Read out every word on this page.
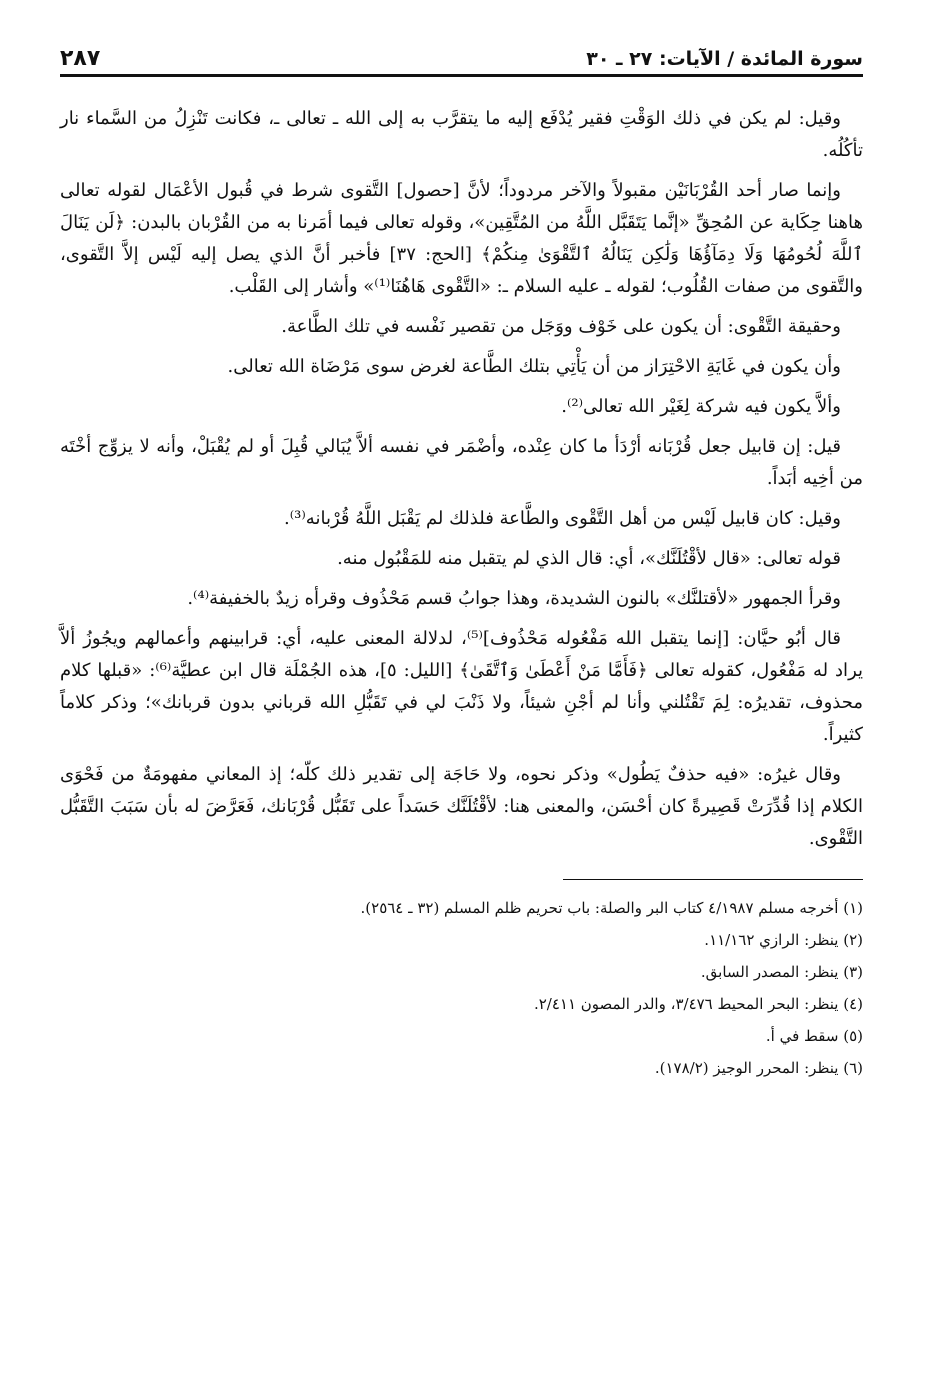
سورة المائدة / الآيات: ٢٧ ـ ٣٠
٢٨٧

وقيل: لم يكن في ذلك الوَقْتِ فقير يُدْفَع إليه ما يتقرَّب به إلى الله ـ تعالى ـ، فكانت تَنْزِلُ من السَّماء نار تأكُلُه.

وإنما صار أحد القُرْبَانَيْن مقبولاً والآخر مردوداً؛ لأنَّ [حصول] التَّقوى شرط في قُبول الأعْمَال لقوله تعالى هاهنا حِكَاية عن المُحِقِّ «إنَّما يَتَقَبَّل اللَّهُ من المُتَّقِين»، وقوله تعالى فيما أمَرنا به من القُرْبان بالبدن: ﴿لَن يَنَالَ ٱللَّهَ لُحُومُهَا وَلَا دِمَآؤُهَا وَلَٰكِن يَنَالُهُ ٱلتَّقْوَىٰ مِنكُمْ﴾ [الحج: ٣٧] فأخبر أنَّ الذي يصل إليه لَيْس إلاَّ التَّقوى، والتَّقوى من صفات القُلُوب؛ لقوله ـ عليه السلام ـ: «التَّقْوى هَاهُنَا⁽¹⁾» وأشار إلى القَلْب.

وحقيقة التَّقْوى: أن يكون على خَوْف ووَجَل من تقصير نَفْسه في تلك الطَّاعة.

وأن يكون في غَايَةِ الاحْتِرَاز من أن يَأْتِي بتلك الطَّاعة لغرض سوى مَرْضَاة الله تعالى.

وألاَّ يكون فيه شركة لِغَيْر الله تعالى⁽²⁾.

قيل: إن قابيل جعل قُرْبَانه أرْدَأ ما كان عِنْده، وأضْمَر في نفسه ألاَّ يُبَالي قُبِلَ أو لم يُقْبَلْ، وأنه لا يزوِّج أخْتَه من أخِيه أبَداً.

وقيل: كان قابيل لَيْس من أهل التَّقْوى والطَّاعة فلذلك لم يَقْبَل اللَّهُ قُرْبانه⁽³⁾.

قوله تعالى: «قال لأقْتُلَنَّك»، أي: قال الذي لم يتقبل منه للمَقْبُول منه.

وقرأ الجمهور «لأقتلنَّك» بالنون الشديدة، وهذا جوابُ قسم مَحْذُوف وقرأه زيدٌ بالخفيفة⁽⁴⁾.

قال أبُو حيَّان: [إنما يتقبل الله مَفْعُوله مَحْذُوف]⁽⁵⁾، لدلالة المعنى عليه، أي: قرابينهم وأعمالهم ويجُوزُ ألاَّ يراد له مَفْعُول، كقوله تعالى ﴿فَأَمَّا مَنْ أَعْطَىٰ وَٱتَّقَىٰ﴾ [الليل: ٥]، هذه الجُمْلَة قال ابن عطيَّة⁽⁶⁾: «قبلها كلام محذوف، تقديرُه: لِمَ تَقْتُلني وأنا لم أجْنِ شيئاً، ولا ذَنْبَ لي في تَقَبُّلِ الله قرباني بدون قربانك»؛ وذكر كلاماً كثيراً.

وقال غيرُه: «فيه حذفٌ يَطُول» وذكر نحوه، ولا حَاجَة إلى تقدير ذلك كلّه؛ إذ المعاني مفهومَةٌ من فَحْوَى الكلام إذا قُدِّرَتْ قَصِيرةً كان أحْسَن، والمعنى هنا: لأقْتُلَنَّك حَسَداً على تَقَبُّل قُرْبَانك، فَعَرَّضَ له بأن سَبَبَ التَّقَبُّل التَّقْوى.

(١) أخرجه مسلم ٤/١٩٨٧ كتاب البر والصلة: باب تحريم ظلم المسلم (٣٢ ـ ٢٥٦٤).

(٢) ينظر: الرازي ١١/١٦٢.

(٣) ينظر: المصدر السابق.

(٤) ينظر: البحر المحيط ٣/٤٧٦، والدر المصون ٢/٤١١.

(٥) سقط في أ.

(٦) ينظر: المحرر الوجيز (١٧٨/٢).
